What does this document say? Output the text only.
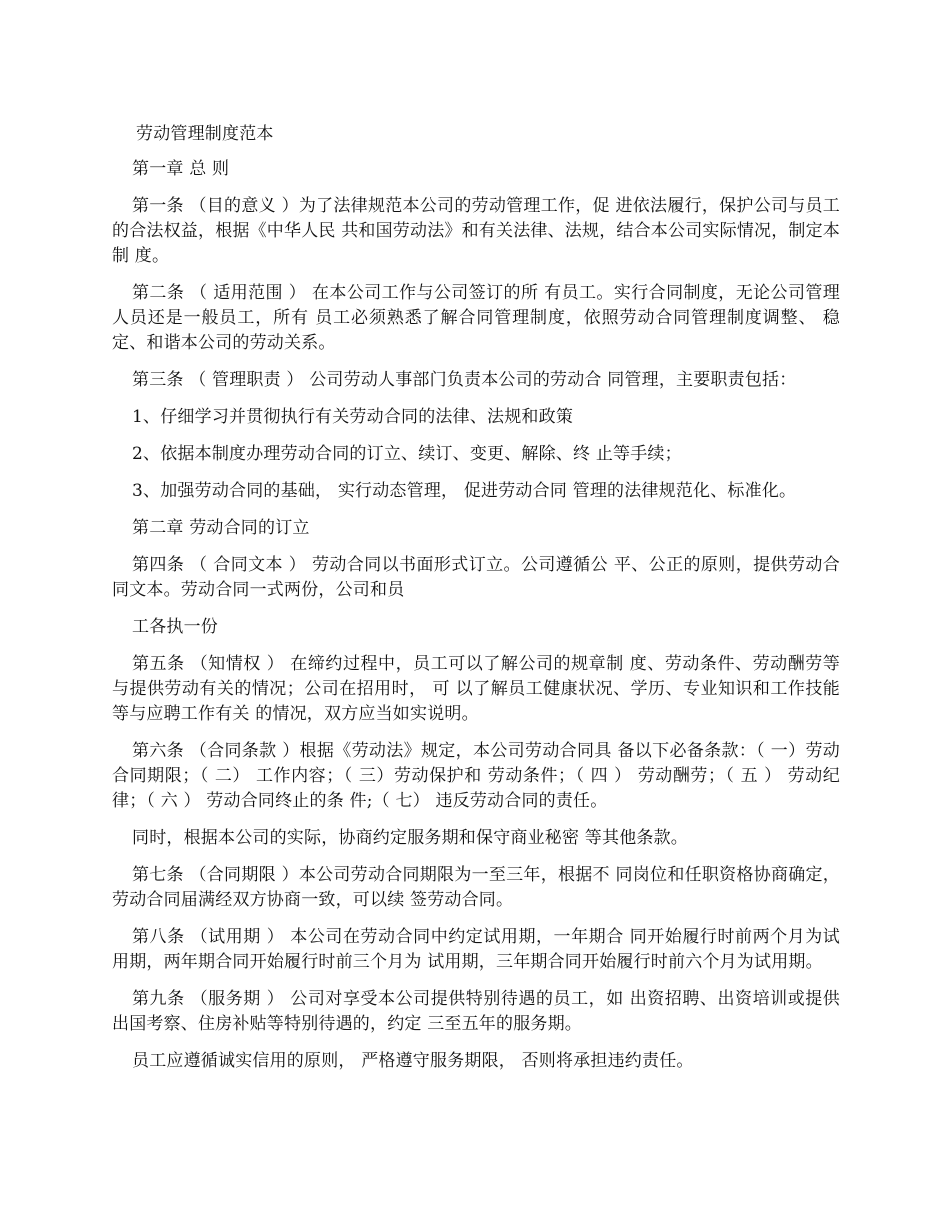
劳动管理制度范本

第一章 总 则

第一条 （目的意义 ）为了法律规范本公司的劳动管理工作，促 进依法履行，保护公司与员工的合法权益，根据《中华人民 共和国劳动法》和有关法律、法规，结合本公司实际情况，制定本制 度。

第二条 （ 适用范围 ） 在本公司工作与公司签订的所 有员工。实行合同制度，无论公司管理人员还是一般员工，所有 员工必须熟悉了解合同管理制度，依照劳动合同管理制度调整、 稳定、和谐本公司的劳动关系。

第三条 （ 管理职责 ） 公司劳动人事部门负责本公司的劳动合 同管理，主要职责包括：

1、仔细学习并贯彻执行有关劳动合同的法律、法规和政策

2、依据本制度办理劳动合同的订立、续订、变更、解除、终 止等手续；

3、加强劳动合同的基础， 实行动态管理， 促进劳动合同 管理的法律规范化、标准化。

第二章 劳动合同的订立

第四条 （ 合同文本 ） 劳动合同以书面形式订立。公司遵循公 平、公正的原则，提供劳动合同文本。劳动合同一式两份，公司和员

工各执一份

第五条 （知情权 ） 在缔约过程中，员工可以了解公司的规章制 度、劳动条件、劳动酬劳等与提供劳动有关的情况；公司在招用时， 可 以了解员工健康状况、学历、专业知识和工作技能等与应聘工作有关 的情况，双方应当如实说明。

第六条 （合同条款 ）根据《劳动法》规定，本公司劳动合同具 备以下必备条款：（ 一）劳动合同期限；（ 二） 工作内容；（ 三）劳动保护和 劳动条件；（ 四 ） 劳动酬劳；（ 五 ） 劳动纪律；（ 六 ） 劳动合同终止的条 件;（ 七） 违反劳动合同的责任。

同时，根据本公司的实际，协商约定服务期和保守商业秘密 等其他条款。

第七条 （合同期限 ）本公司劳动合同期限为一至三年，根据不 同岗位和任职资格协商确定，劳动合同届满经双方协商一致，可以续 签劳动合同。

第八条 （试用期 ） 本公司在劳动合同中约定试用期，一年期合 同开始履行时前两个月为试用期，两年期合同开始履行时前三个月为 试用期，三年期合同开始履行时前六个月为试用期。

第九条 （服务期 ） 公司对享受本公司提供特别待遇的员工，如 出资招聘、出资培训或提供出国考察、住房补贴等特别待遇的，约定 三至五年的服务期。

员工应遵循诚实信用的原则， 严格遵守服务期限， 否则将承担违约责任。
